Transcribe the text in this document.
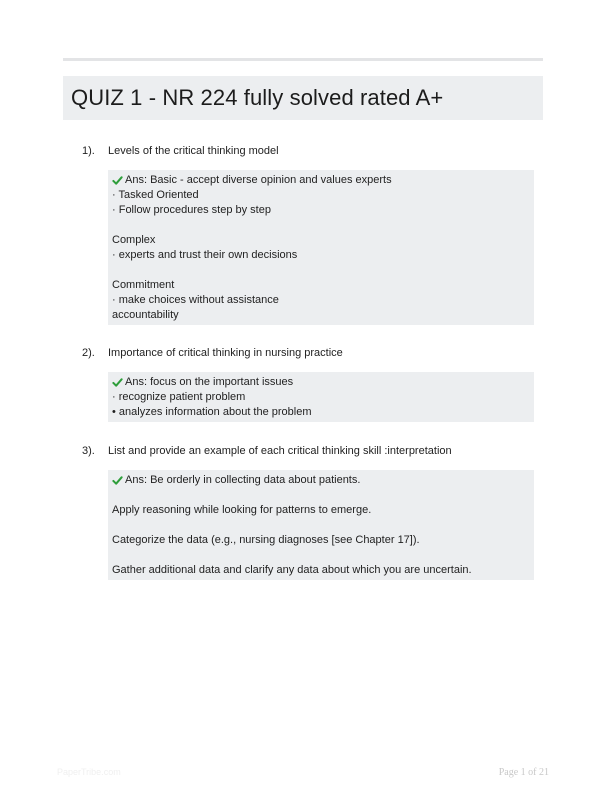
QUIZ 1 - NR 224 fully solved rated A+
1). Levels of the critical thinking model
Ans: Basic - accept diverse opinion and values experts
· Tasked Oriented
· Follow procedures step by step
Complex
· experts and trust their own decisions
Commitment
· make choices without assistance
accountability
2). Importance of critical thinking in nursing practice
Ans: focus on the important issues
· recognize patient problem
• analyzes information about the problem
3). List and provide an example of each critical thinking skill :interpretation
Ans: Be orderly in collecting data about patients.
Apply reasoning while looking for patterns to emerge.
Categorize the data (e.g., nursing diagnoses [see Chapter 17]).
Gather additional data and clarify any data about which you are uncertain.
PaperTribe.com	Page 1 of 21
